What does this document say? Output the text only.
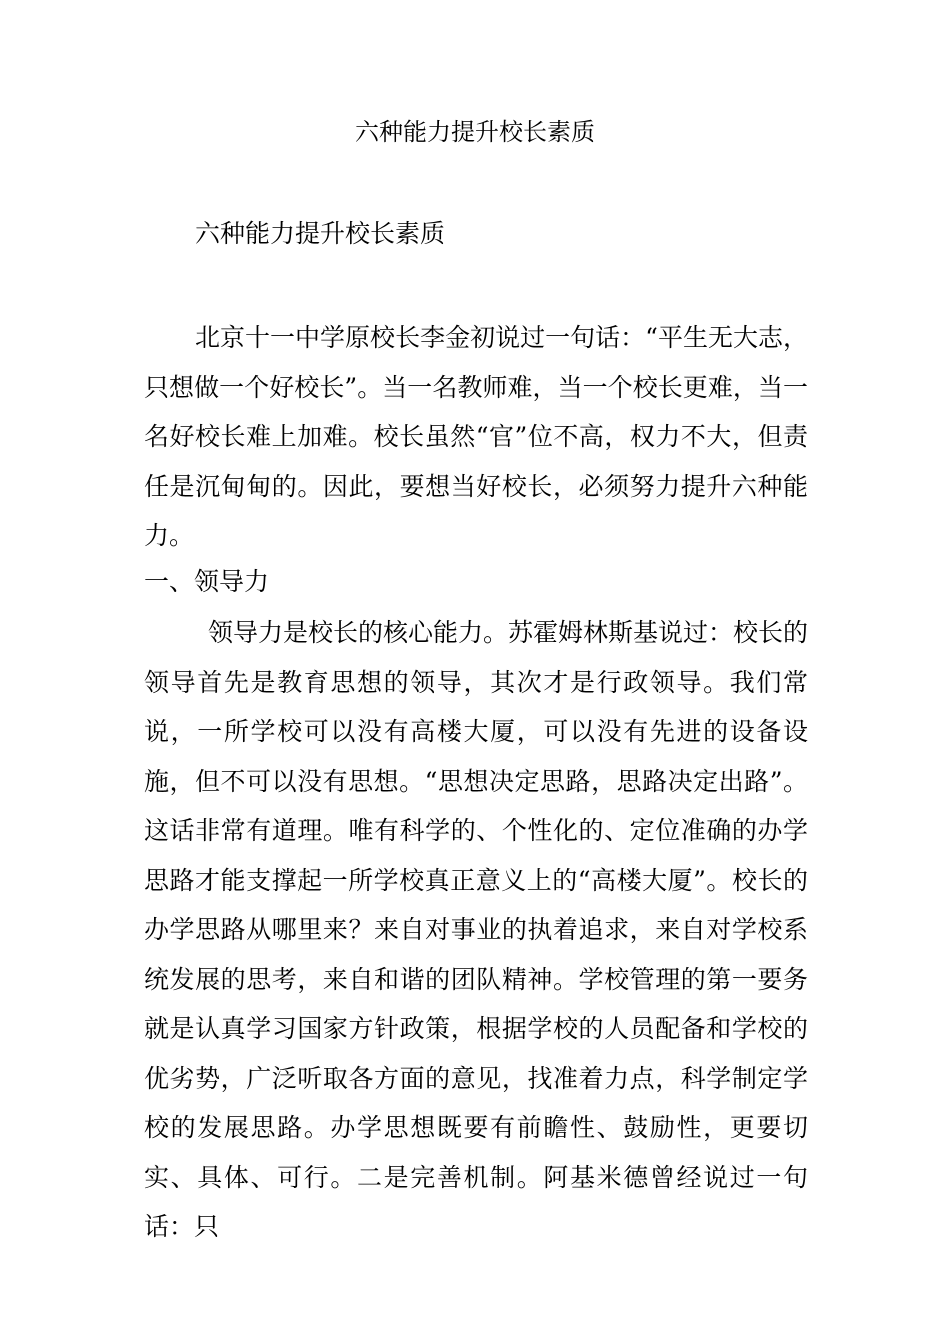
六种能力提升校长素质

六种能力提升校长素质

北京十一中学原校长李金初说过一句话：“平生无大志，只想做一个好校长”。当一名教师难，当一个校长更难，当一名好校长难上加难。校长虽然“官”位不高，权力不大，但责任是沉甸甸的。因此，要想当好校长，必须努力提升六种能力。

一、领导力

领导力是校长的核心能力。苏霍姆林斯基说过：校长的领导首先是教育思想的领导，其次才是行政领导。我们常说，一所学校可以没有高楼大厦，可以没有先进的设备设施，但不可以没有思想。“思想决定思路，思路决定出路”。这话非常有道理。唯有科学的、个性化的、定位准确的办学思路才能支撑起一所学校真正意义上的“高楼大厦”。校长的办学思路从哪里来？来自对事业的执着追求，来自对学校系统发展的思考，来自和谐的团队精神。学校管理的第一要务就是认真学习国家方针政策，根据学校的人员配备和学校的优劣势，广泛听取各方面的意见，找准着力点，科学制定学校的发展思路。办学思想既要有前瞻性、鼓励性，更要切实、具体、可行。二是完善机制。阿基米德曾经说过一句话：只
